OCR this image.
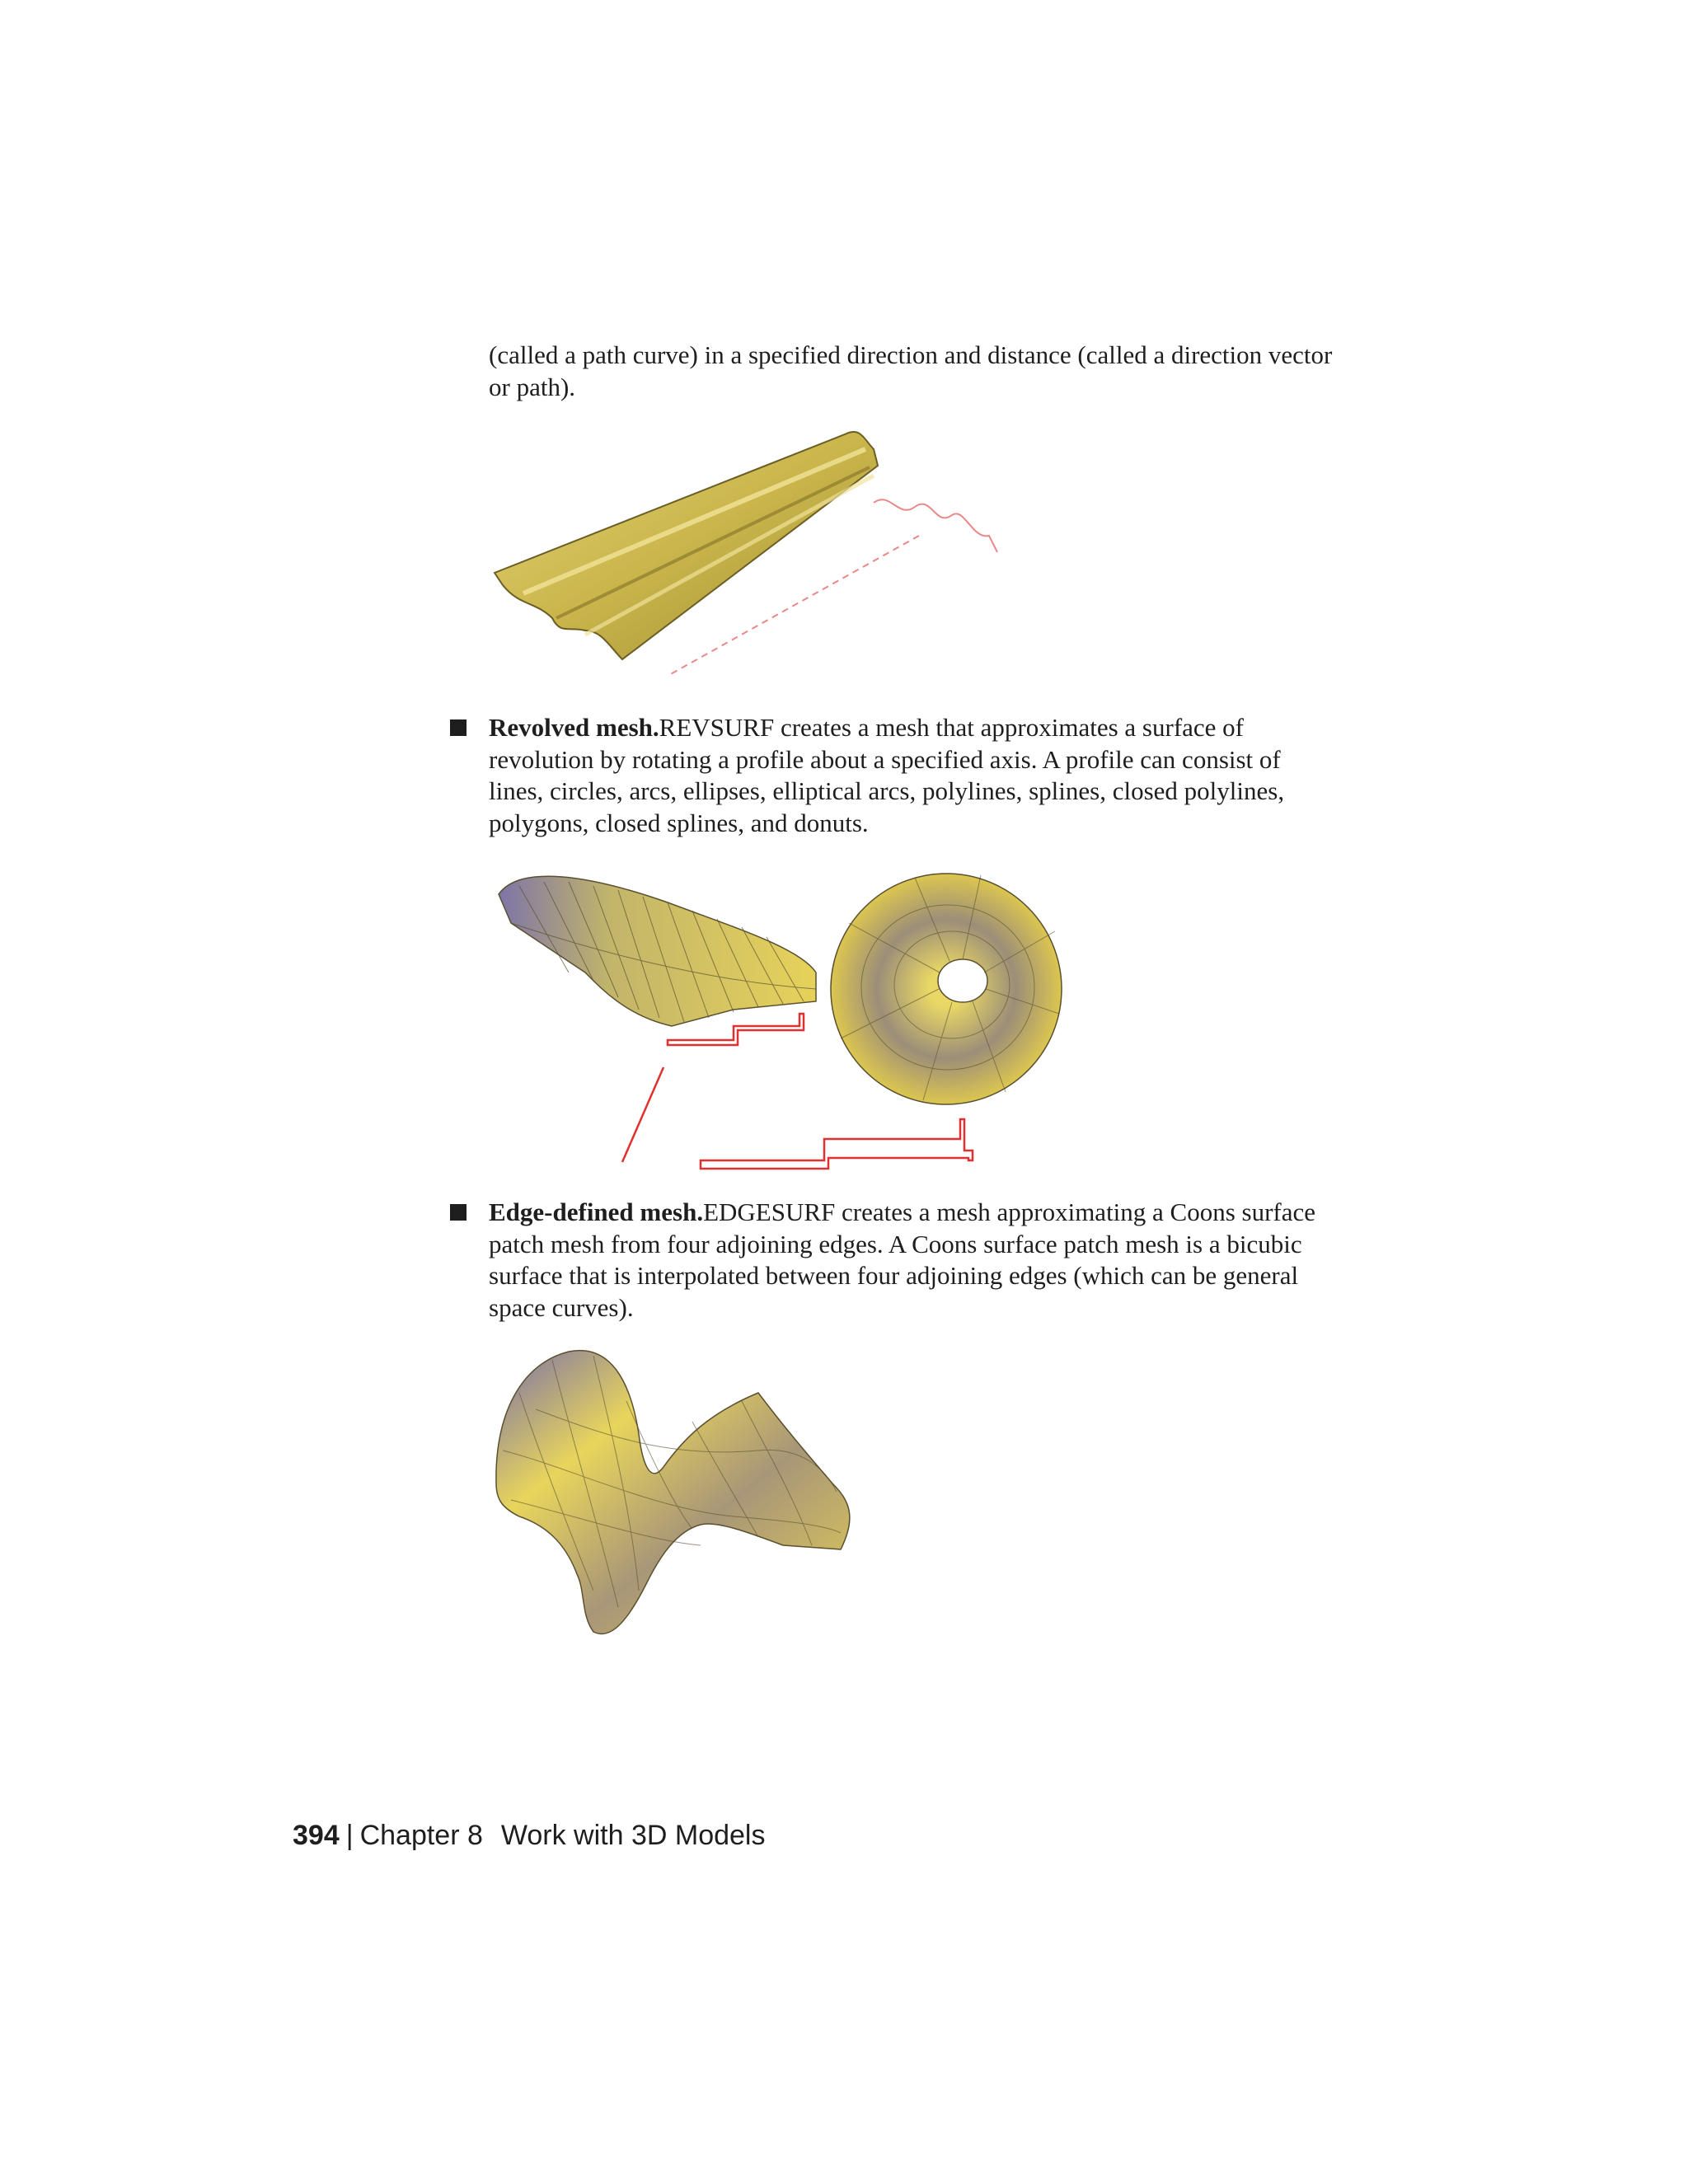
(called a path curve) in a specified direction and distance (called a direction vector or path).

Revolved mesh.REVSURF creates a mesh that approximates a surface of revolution by rotating a profile about a specified axis. A profile can consist of lines, circles, arcs, ellipses, elliptical arcs, polylines, splines, closed polylines, polygons, closed splines, and donuts.

Edge-defined mesh.EDGESURF creates a mesh approximating a Coons surface patch mesh from four adjoining edges. A Coons surface patch mesh is a bicubic surface that is interpolated between four adjoining edges (which can be general space curves).

394 | Chapter 8 Work with 3D Models
